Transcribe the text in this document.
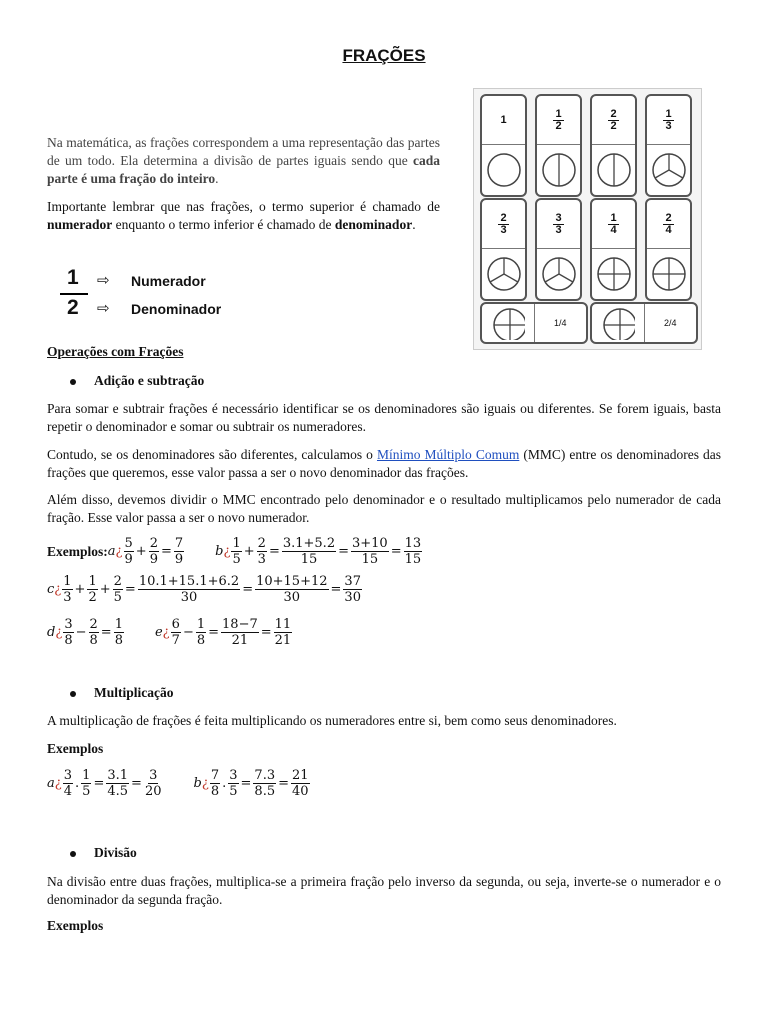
FRAÇÕES
Na matemática, as frações correspondem a uma representação das partes de um todo. Ela determina a divisão de partes iguais sendo que cada parte é uma fração do inteiro.
Importante lembrar que nas frações, o termo superior é chamado de numerador enquanto o termo inferior é chamado de denominador.
1
2
⇨ Numerador
⇨ Denominador
1	$\frac{1}{2}$	$\frac{2}{2}$	$\frac{1}{3}$
$\frac{2}{3}$	$\frac{3}{3}$	$\frac{1}{4}$	$\frac{2}{4}$
1/4	2/4
Operações com Frações
Adição e subtração
Para somar e subtrair frações é necessário identificar se os denominadores são iguais ou diferentes. Se forem iguais, basta repetir o denominador e somar ou subtrair os numeradores.
Contudo, se os denominadores são diferentes, calculamos o Mínimo Múltiplo Comum (MMC) entre os denominadores das frações que queremos, esse valor passa a ser o novo denominador das frações.
Além disso, devemos dividir o MMC encontrado pelo denominador e o resultado multiplicamos pelo numerador de cada fração. Esse valor passa a ser o novo numerador.
Exemplos: a ¿ $\frac{5}{9} + \frac{2}{9} = \frac{7}{9}$ b ¿ $\frac{1}{5} + \frac{2}{3} = \frac{3.1+5.2}{15} = \frac{3+10}{15} = \frac{13}{15}$
c ¿ $\frac{1}{3} + \frac{1}{2} + \frac{2}{5} = \frac{10.1+15.1+6.2}{30} = \frac{10+15+12}{30} = \frac{37}{30}$
d ¿ $\frac{3}{8} - \frac{2}{8} = \frac{1}{8}$ e ¿ $\frac{6}{7} - \frac{1}{8} = \frac{18-7}{21} = \frac{11}{21}$
Multiplicação
A multiplicação de frações é feita multiplicando os numeradores entre si, bem como seus denominadores.
Exemplos
a ¿ $\frac{3}{4}$ . $\frac{1}{5} = \frac{3.1}{4.5} = \frac{3}{20}$ b ¿ $\frac{7}{8}$ . $\frac{3}{5} = \frac{7.3}{8.5} = \frac{21}{40}$
Divisão
Na divisão entre duas frações, multiplica-se a primeira fração pelo inverso da segunda, ou seja, inverte-se o numerador e o denominador da segunda fração.
Exemplos
